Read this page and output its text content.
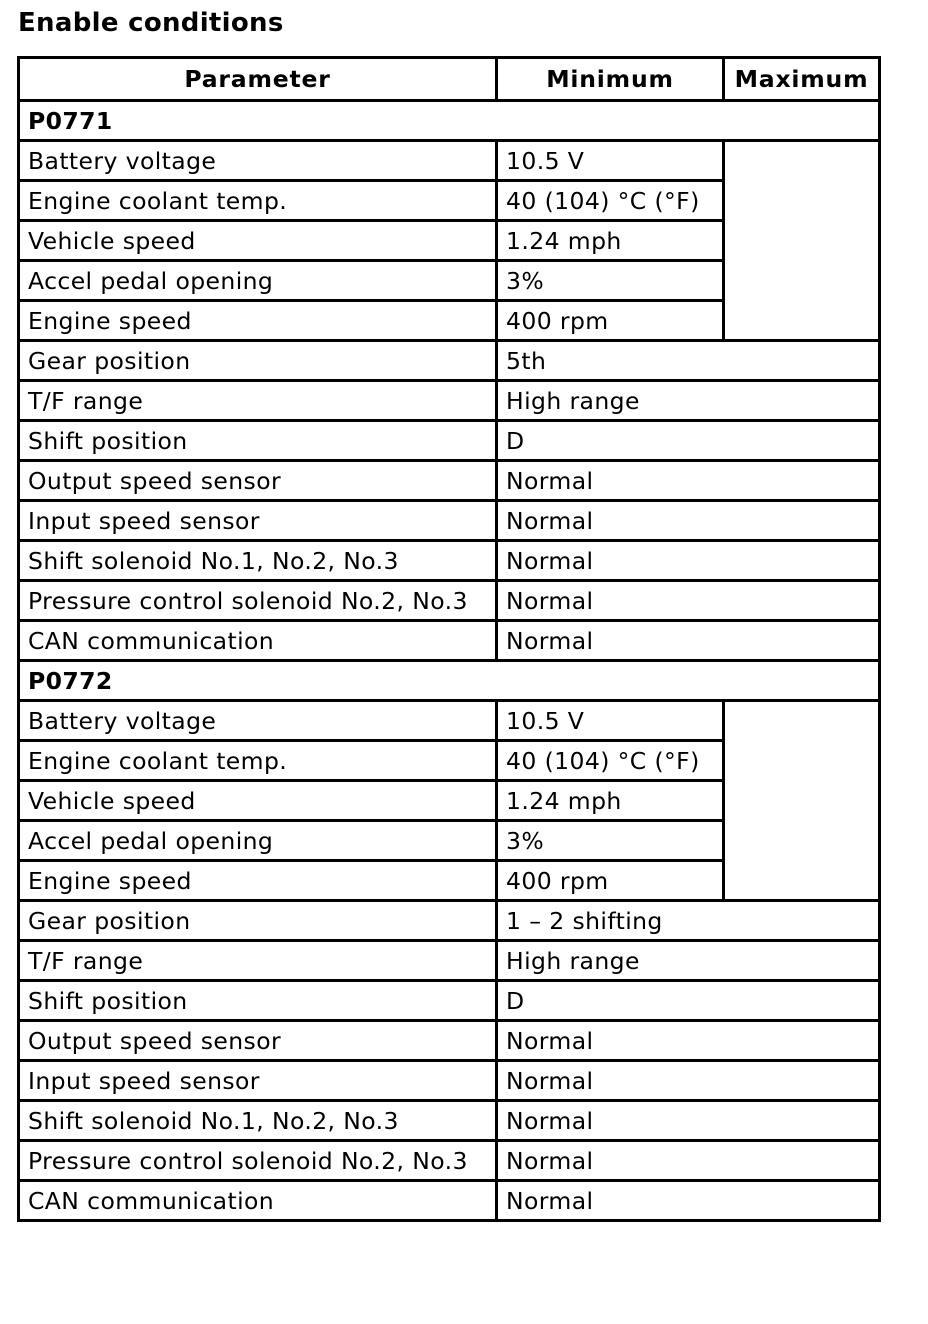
Enable conditions
Parameter	Minimum	Maximum
P0771		
Battery voltage	10.5 V	
Engine coolant temp.	40 (104) °C (°F)	
Vehicle speed	1.24 mph	
Accel pedal opening	3%	
Engine speed	400 rpm	
Gear position	5th	
T/F range	High range	
Shift position	D	
Output speed sensor	Normal	
Input speed sensor	Normal	
Shift solenoid No.1, No.2, No.3	Normal	
Pressure control solenoid No.2, No.3	Normal	
CAN communication	Normal	
P0772		
Battery voltage	10.5 V	
Engine coolant temp.	40 (104) °C (°F)	
Vehicle speed	1.24 mph	
Accel pedal opening	3%	
Engine speed	400 rpm	
Gear position	1 – 2 shifting	
T/F range	High range	
Shift position	D	
Output speed sensor	Normal	
Input speed sensor	Normal	
Shift solenoid No.1, No.2, No.3	Normal	
Pressure control solenoid No.2, No.3	Normal	
CAN communication	Normal	
